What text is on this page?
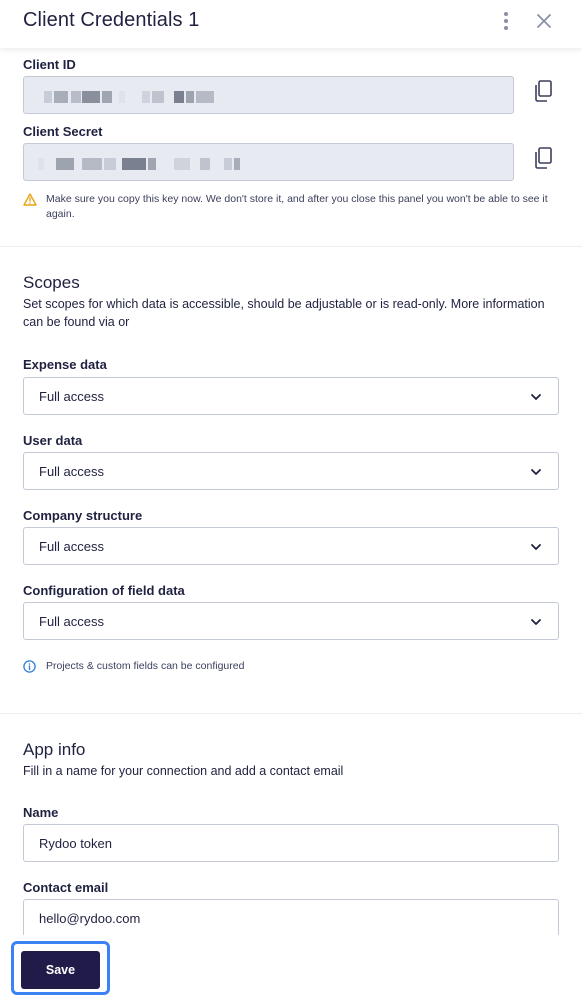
Client Credentials 1
Client ID
Client Secret
Make sure you copy this key now. We don't store it, and after you close this panel you won't be able to see it again.
Scopes
Set scopes for which data is accessible, should be adjustable or is read-only. More information can be found via or
Expense data
Full access
User data
Full access
Company structure
Full access
Configuration of field data
Full access
Projects & custom fields can be configured
App info
Fill in a name for your connection and add a contact email
Name
Rydoo token
Contact email
hello@rydoo.com
Save
